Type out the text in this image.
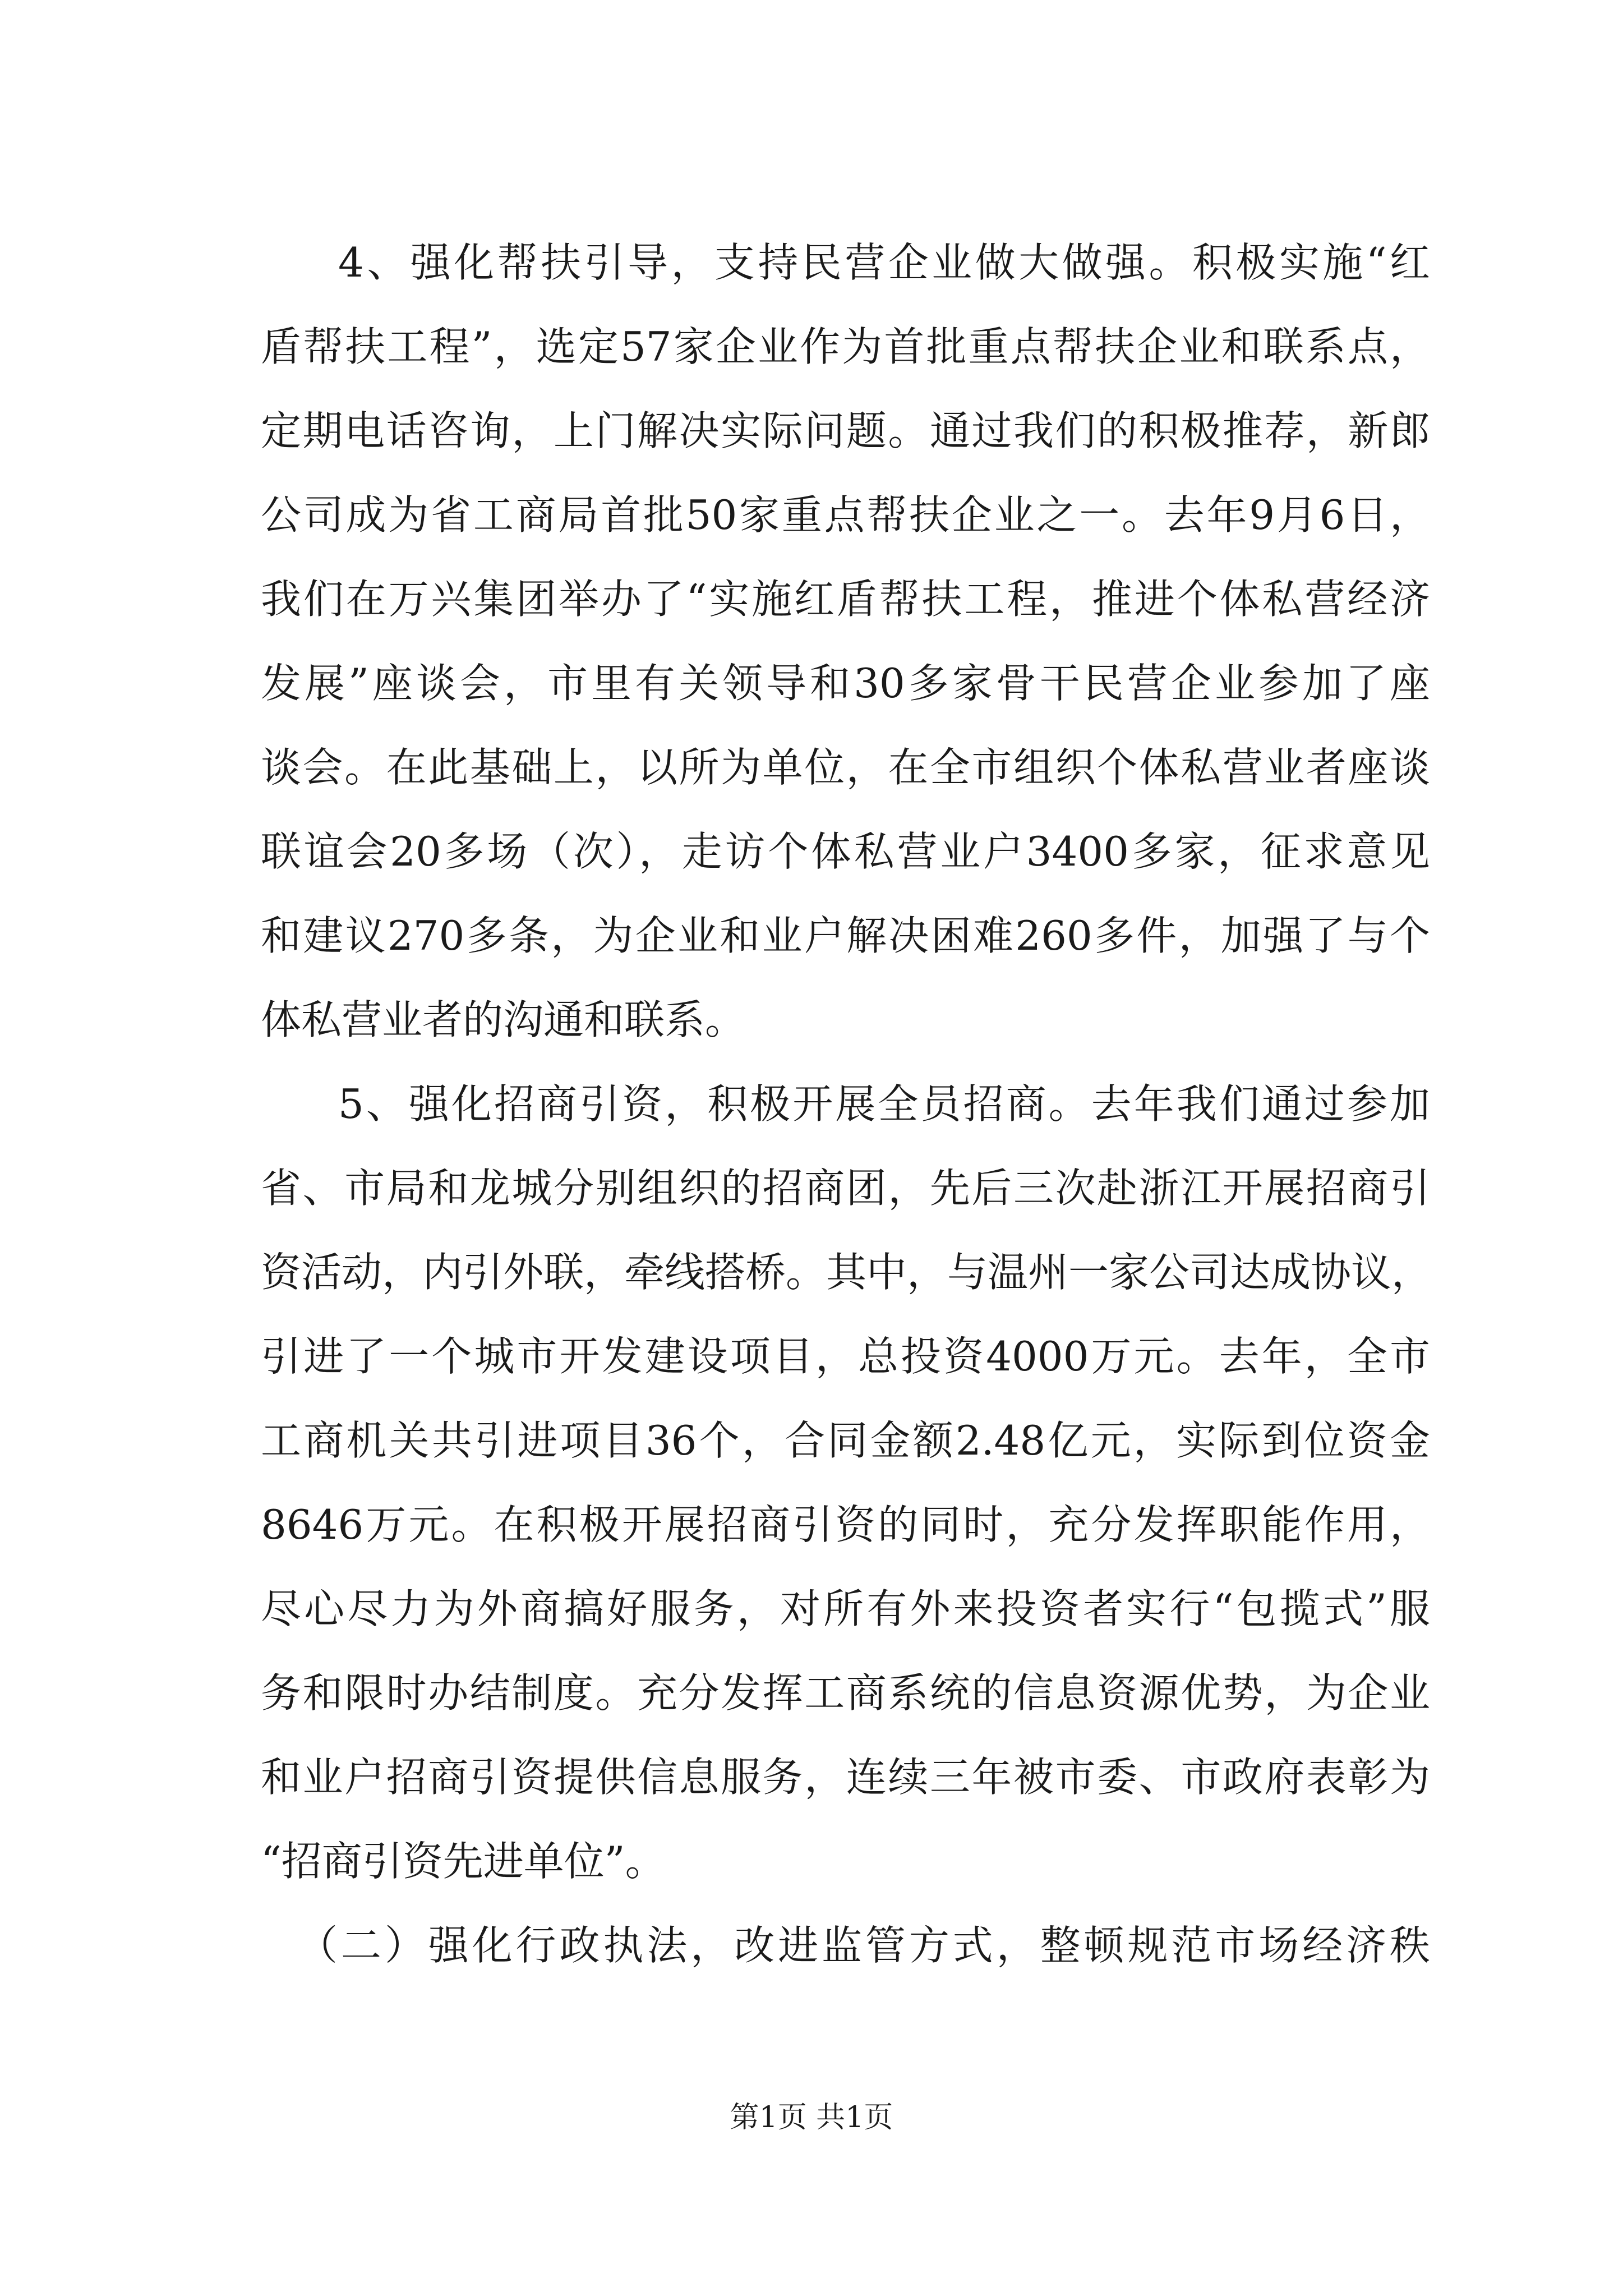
4、强化帮扶引导，支持民营企业做大做强。积极实施“红
盾帮扶工程”，选定57家企业作为首批重点帮扶企业和联系点，
定期电话咨询，上门解决实际问题。通过我们的积极推荐，新郎
公司成为省工商局首批50家重点帮扶企业之一。去年9月6日，
我们在万兴集团举办了“实施红盾帮扶工程，推进个体私营经济
发展”座谈会，市里有关领导和30多家骨干民营企业参加了座
谈会。在此基础上，以所为单位，在全市组织个体私营业者座谈
联谊会20多场（次），走访个体私营业户3400多家，征求意见
和建议270多条，为企业和业户解决困难260多件，加强了与个
体私营业者的沟通和联系。
5、强化招商引资，积极开展全员招商。去年我们通过参加
省、市局和龙城分别组织的招商团，先后三次赴浙江开展招商引
资活动，内引外联，牵线搭桥。其中，与温州一家公司达成协议，
引进了一个城市开发建设项目，总投资4000万元。去年，全市
工商机关共引进项目36个，合同金额2.48亿元，实际到位资金
8646万元。在积极开展招商引资的同时，充分发挥职能作用，
尽心尽力为外商搞好服务，对所有外来投资者实行“包揽式”服
务和限时办结制度。充分发挥工商系统的信息资源优势，为企业
和业户招商引资提供信息服务，连续三年被市委、市政府表彰为
“招商引资先进单位”。
（二）强化行政执法，改进监管方式，整顿规范市场经济秩
第1页 共1页
